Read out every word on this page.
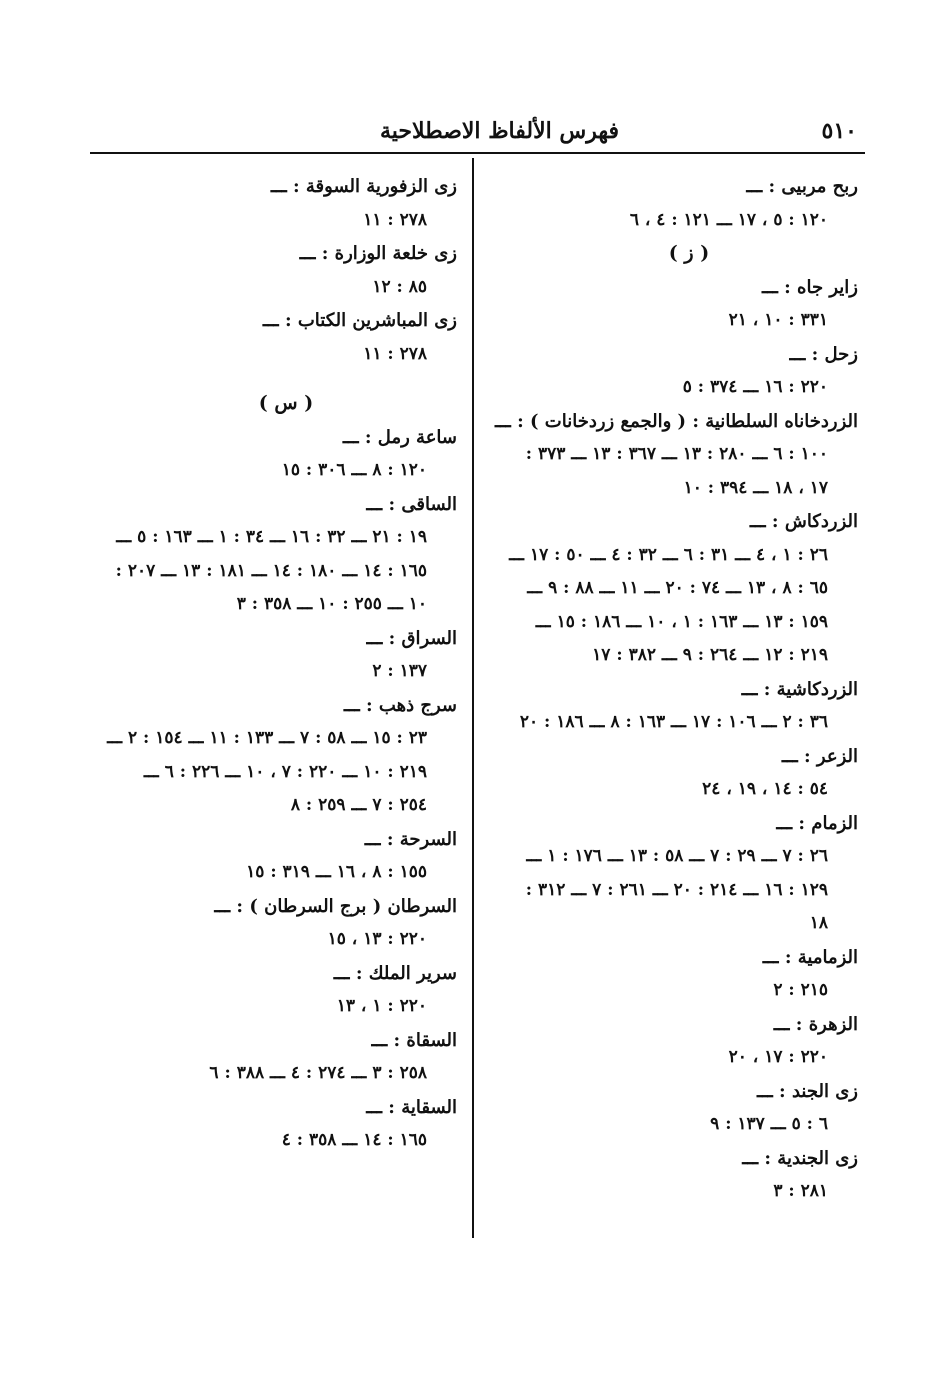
٥١٠
فهرس الألفاظ الاصطلاحية
ربح مربيى : ـــ
١٢٠ : ٥ ، ١٧ ـــ ١٢١ : ٤ ، ٦
( ز )
زاير جاه : ـــ
٣٣١ : ١٠ ، ٢١
زحل : ـــ
٢٢٠ : ١٦ ـــ ٣٧٤ : ٥
الزردخاناه السلطانية : ( والجمع زردخانات ) : ـــ
١٠٠ : ٦ ـــ ٢٨٠ : ١٣ ـــ ٣٦٧ : ١٣ ـــ ٣٧٣ :
١٧ ، ١٨ ـــ ٣٩٤ : ١٠
الزردكاش : ـــ
٢٦ : ١ ، ٤ ـــ ٣١ : ٦ ـــ ٣٢ : ٤ ـــ ٥٠ : ١٧ ـــ
٦٥ : ٨ ، ١٣ ـــ ٧٤ : ٢٠ ـــ ١١ ـــ ٨٨ : ٩ ـــ
١٥٩ : ١٣ ـــ ١٦٣ : ١ ، ١٠ ـــ ١٨٦ : ١٥ ـــ
٢١٩ : ١٢ ـــ ٢٦٤ : ٩ ـــ ٣٨٢ : ١٧
الزردكاشية : ـــ
٣٦ : ٢ ـــ ١٠٦ : ١٧ ـــ ١٦٣ : ٨ ـــ ١٨٦ : ٢٠
الزعر : ـــ
٥٤ : ١٤ ، ١٩ ، ٢٤
الزمام : ـــ
٢٦ : ٧ ـــ ٢٩ : ٧ ـــ ٥٨ : ١٣ ـــ ١٧٦ : ١ ـــ
١٢٩ : ١٦ ـــ ٢١٤ : ٢٠ ـــ ٢٦١ : ٧ ـــ ٣١٢ :
١٨
الزمامية : ـــ
٢١٥ : ٢
الزهرة : ـــ
٢٢٠ : ١٧ ، ٢٠
زى الجند : ـــ
٦ : ٥ ـــ ١٣٧ : ٩
زى الجندية : ـــ
٢٨١ : ٣
زى الزفورية السوقة : ـــ
٢٧٨ : ١١
زى خلعة الوزارة : ـــ
٨٥ : ١٢
زى المباشرين الكتاب : ـــ
٢٧٨ : ١١
( س )
ساعة رمل : ـــ
١٢٠ : ٨ ـــ ٣٠٦ : ١٥
الساقى : ـــ
١٩ : ٢١ ـــ ٣٢ : ١٦ ـــ ٣٤ : ١ ـــ ١٦٣ : ٥ ـــ
١٦٥ : ١٤ ـــ ١٨٠ : ١٤ ـــ ١٨١ : ١٣ ـــ ٢٠٧ :
١٠ ـــ ٢٥٥ : ١٠ ـــ ٣٥٨ : ٣
السراق : ـــ
١٣٧ : ٢
سرج ذهب : ـــ
٢٣ : ١٥ ـــ ٥٨ : ٧ ـــ ١٣٣ : ١١ ـــ ١٥٤ : ٢ ـــ
٢١٩ : ١٠ ـــ ٢٢٠ : ٧ ، ١٠ ـــ ٢٢٦ : ٦ ـــ
٢٥٤ : ٧ ـــ ٢٥٩ : ٨
السرحة : ـــ
١٥٥ : ٨ ، ١٦ ـــ ٣١٩ : ١٥
السرطان ( برج السرطان ) : ـــ
٢٢٠ : ١٣ ، ١٥
سرير الملك : ـــ
٢٢٠ : ١ ، ١٣
السقاة : ـــ
٢٥٨ : ٣ ـــ ٢٧٤ : ٤ ـــ ٣٨٨ : ٦
السقاية : ـــ
١٦٥ : ١٤ ـــ ٣٥٨ : ٤
